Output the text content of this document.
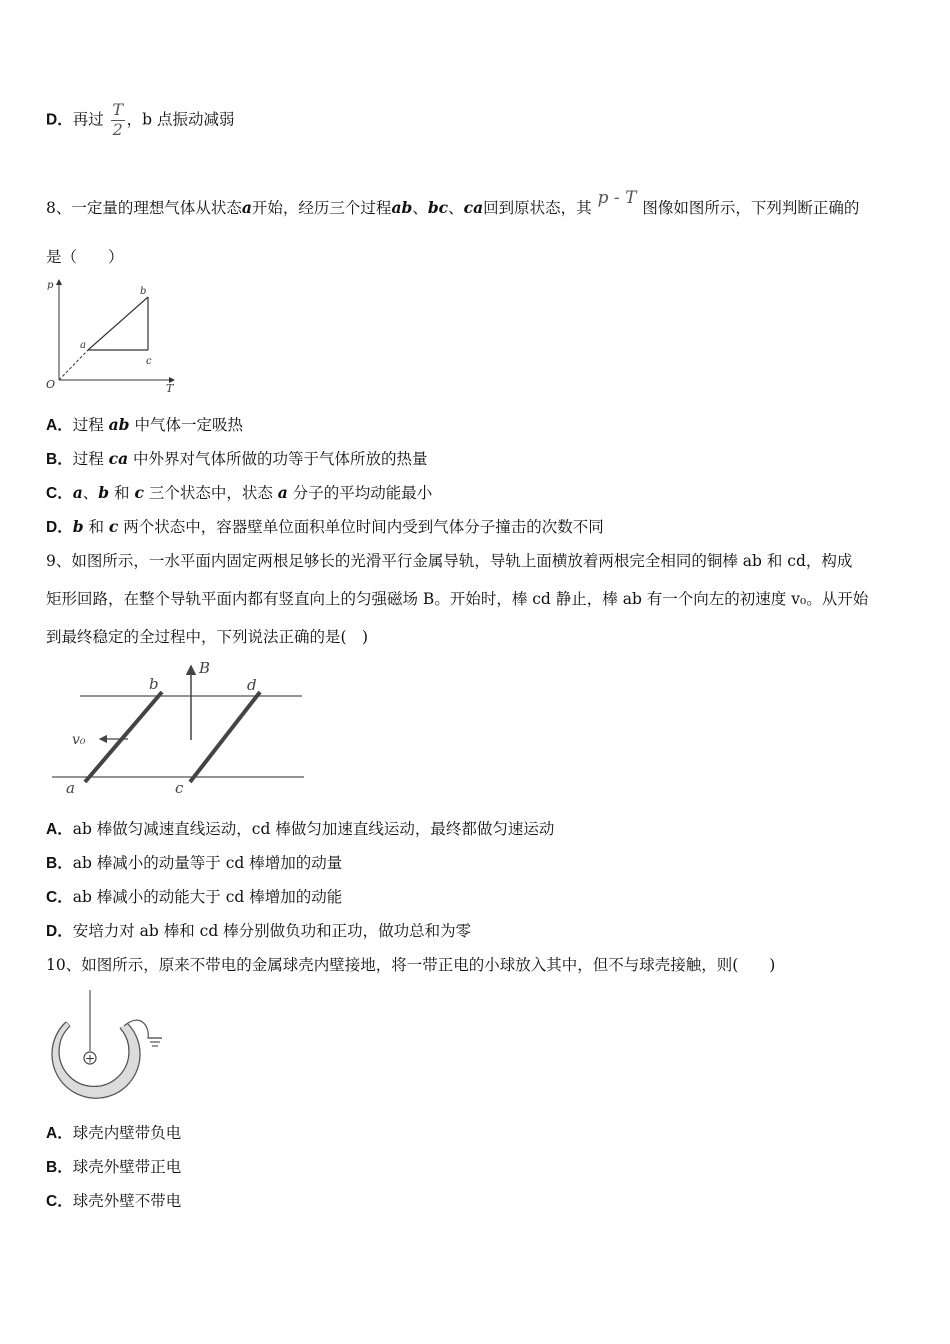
D．再过 $\frac{T}{2}$ ，b 点振动减弱
8、一定量的理想气体从状态a开始，经历三个过程ab、bc、ca回到原状态，其 p - T 图像如图所示，下列判断正确的
是（　　）
p
T
O
a
b
c
A．过程 ab 中气体一定吸热
B．过程 ca 中外界对气体所做的功等于气体所放的热量
C．a、b 和 c 三个状态中，状态 a 分子的平均动能最小
D．b 和 c 两个状态中，容器壁单位面积单位时间内受到气体分子撞击的次数不同
9、如图所示，一水平面内固定两根足够长的光滑平行金属导轨，导轨上面横放着两根完全相同的铜棒 ab 和 cd，构成
矩形回路，在整个导轨平面内都有竖直向上的匀强磁场 B。开始时，棒 cd 静止，棒 ab 有一个向左的初速度 v₀。从开始
到最终稳定的全过程中，下列说法正确的是(　)
B
b	d
v₀
a	c
A．ab 棒做匀减速直线运动，cd 棒做匀加速直线运动，最终都做匀速运动
B．ab 棒减小的动量等于 cd 棒增加的动量
C．ab 棒减小的动能大于 cd 棒增加的动能
D．安培力对 ab 棒和 cd 棒分别做负功和正功，做功总和为零
10、如图所示，原来不带电的金属球壳内壁接地，将一带正电的小球放入其中，但不与球壳接触，则(　　)
+
A．球壳内壁带负电
B．球壳外壁带正电
C．球壳外壁不带电
